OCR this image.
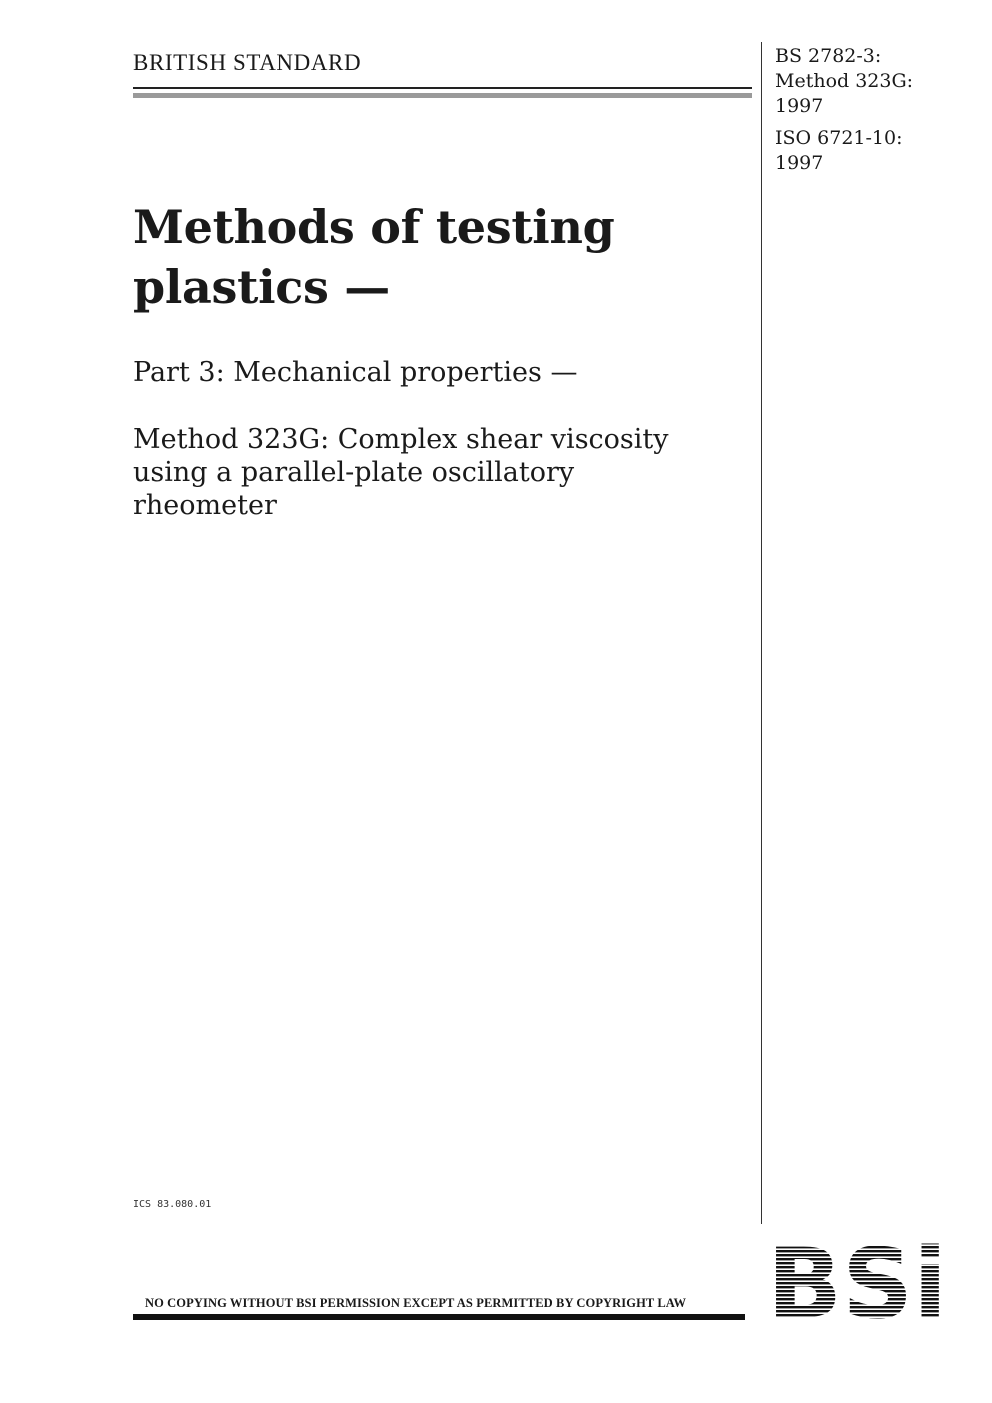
BRITISH STANDARD	BS 2782-3:
Method 323G:
1997
ISO 6721-10:
1997
Methods of testing
plastics —
Part 3: Mechanical properties —
Method 323G: Complex shear viscosity
using a parallel-plate oscillatory
rheometer
ICS 83.080.01
NO COPYING WITHOUT BSI PERMISSION EXCEPT AS PERMITTED BY COPYRIGHT LAW
